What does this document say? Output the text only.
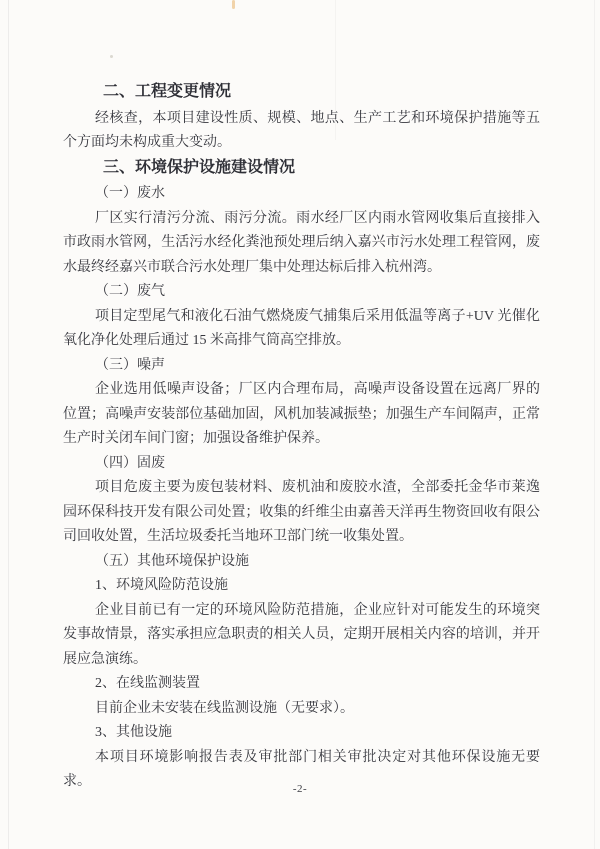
二、工程变更情况
经核查，本项目建设性质、规模、地点、生产工艺和环境保护措施等五个方面均未构成重大变动。
三、环境保护设施建设情况
（一）废水
厂区实行清污分流、雨污分流。雨水经厂区内雨水管网收集后直接排入市政雨水管网，生活污水经化粪池预处理后纳入嘉兴市污水处理工程管网，废水最终经嘉兴市联合污水处理厂集中处理达标后排入杭州湾。
（二）废气
项目定型尾气和液化石油气燃烧废气捕集后采用低温等离子+UV 光催化氧化净化处理后通过 15 米高排气筒高空排放。
（三）噪声
企业选用低噪声设备；厂区内合理布局，高噪声设备设置在远离厂界的位置；高噪声安装部位基础加固，风机加装减振垫；加强生产车间隔声，正常生产时关闭车间门窗；加强设备维护保养。
（四）固废
项目危废主要为废包装材料、废机油和废胶水渣，全部委托金华市莱逸园环保科技开发有限公司处置；收集的纤维尘由嘉善天洋再生物资回收有限公司回收处置，生活垃圾委托当地环卫部门统一收集处置。
（五）其他环境保护设施
1、环境风险防范设施
企业目前已有一定的环境风险防范措施，企业应针对可能发生的环境突发事故情景，落实承担应急职责的相关人员，定期开展相关内容的培训，并开展应急演练。
2、在线监测装置
目前企业未安装在线监测设施（无要求）。
3、其他设施
本项目环境影响报告表及审批部门相关审批决定对其他环保设施无要求。	-2-
